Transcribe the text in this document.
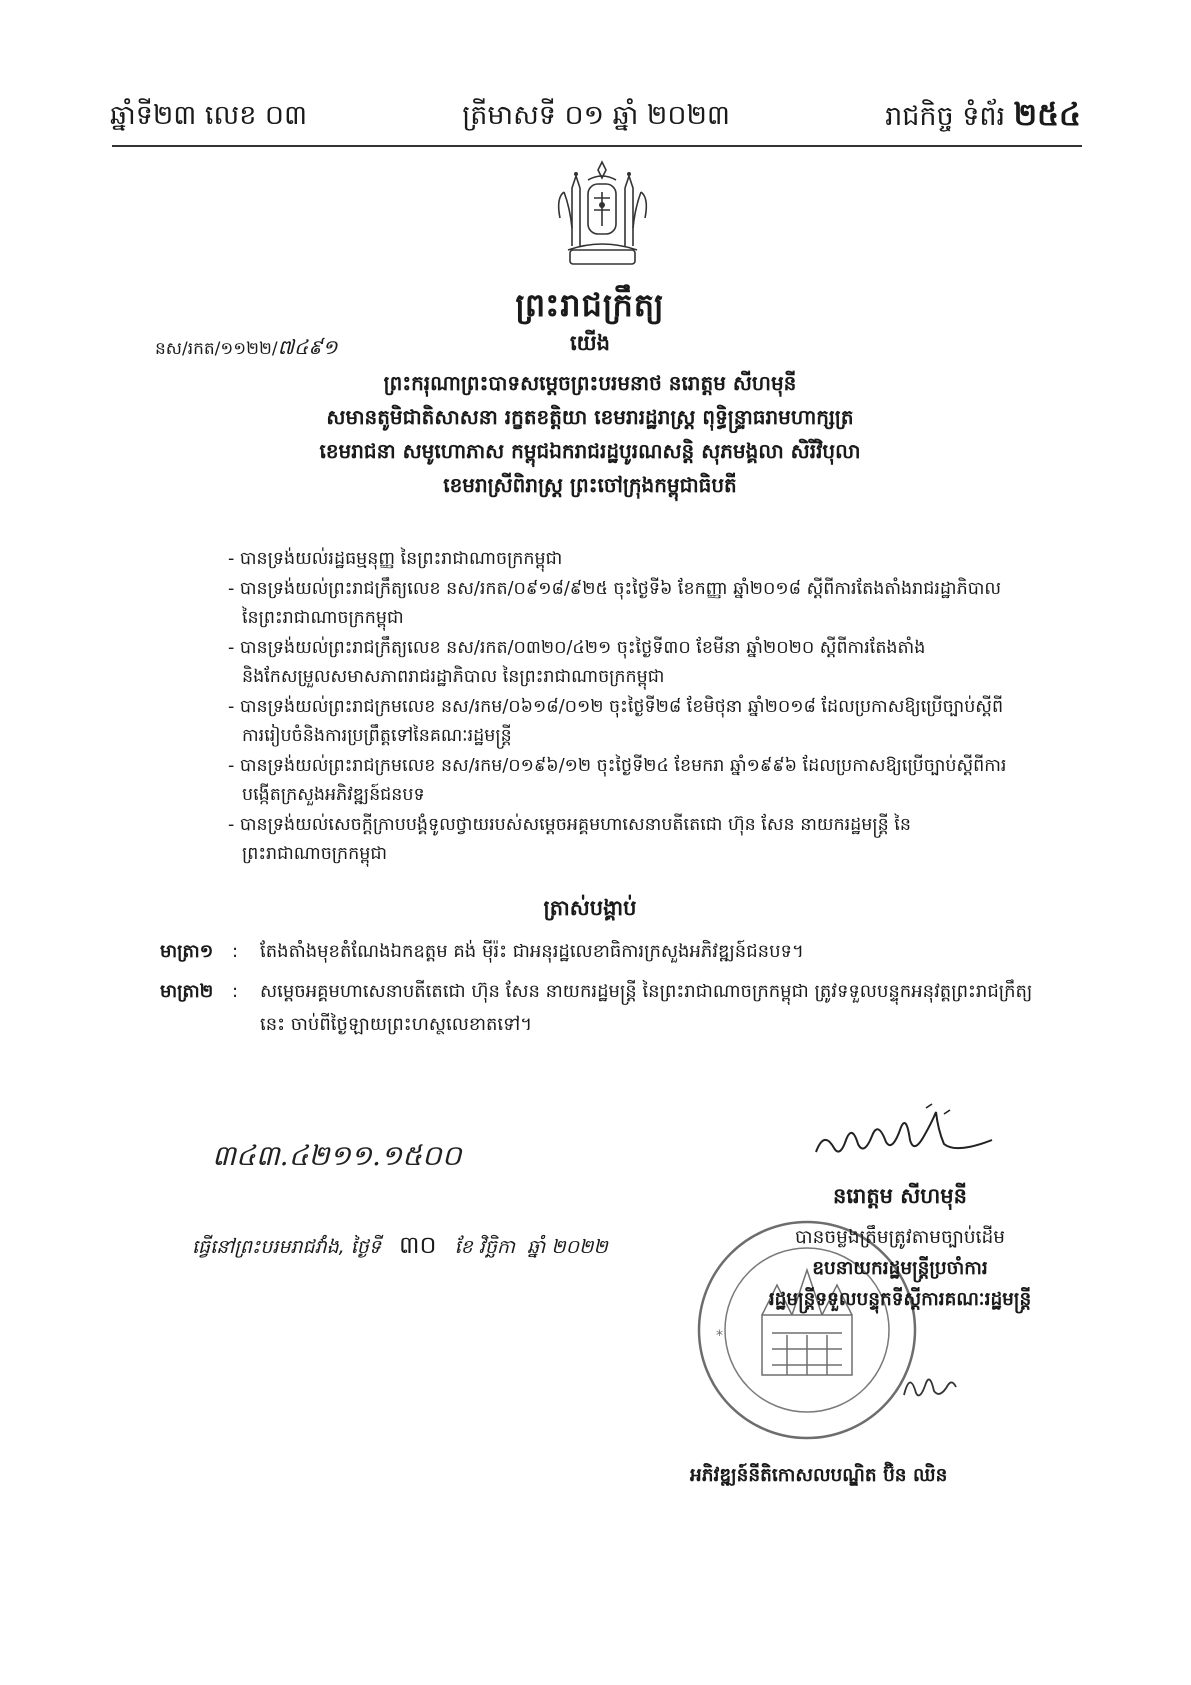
ឆ្នាំទី២៣ លេខ ០៣	ត្រីមាសទី ០១ ឆ្នាំ ២០២៣	រាជកិច្ច ទំព័រ ២៥៤
ព្រះរាជក្រឹត្យ
នស/រកត/១១២២/៧៤៩១	យើង
ព្រះករុណាព្រះបាទសម្ដេចព្រះបរមនាថ នរោត្តម សីហមុនី
សមានតូមិជាតិសាសនា រក្ខតខត្តិយា ខេមរារដ្ឋរាស្ត្រ ពុទ្ធិន្ទ្រាធរាមហាក្សត្រ
ខេមរាជនា សមូហោភាស កម្ពុជឯករាជរដ្ឋបូរណសន្តិ សុភមង្គលា សិរីវិបុលា
ខេមរាស្រីពិរាស្ត្រ ព្រះចៅក្រុងកម្ពុជាធិបតី
- បានទ្រង់យល់រដ្ឋធម្មនុញ្ញ នៃព្រះរាជាណាចក្រកម្ពុជា
- បានទ្រង់យល់ព្រះរាជក្រឹត្យលេខ នស/រកត/០៩១៨/៩២៥ ចុះថ្ងៃទី៦ ខែកញ្ញា ឆ្នាំ២០១៨ ស្ដីពីការតែងតាំងរាជរដ្ឋាភិបាល នៃព្រះរាជាណាចក្រកម្ពុជា
- បានទ្រង់យល់ព្រះរាជក្រឹត្យលេខ នស/រកត/០៣២០/៤២១ ចុះថ្ងៃទី៣០ ខែមីនា ឆ្នាំ២០២០ ស្ដីពីការតែងតាំង និងកែសម្រួលសមាសភាពរាជរដ្ឋាភិបាល នៃព្រះរាជាណាចក្រកម្ពុជា
- បានទ្រង់យល់ព្រះរាជក្រមលេខ នស/រកម/០៦១៨/០១២ ចុះថ្ងៃទី២៨ ខែមិថុនា ឆ្នាំ២០១៨ ដែលប្រកាសឱ្យប្រើច្បាប់ស្ដីពីការរៀបចំនិងការប្រព្រឹត្តទៅនៃគណៈរដ្ឋមន្ត្រី
- បានទ្រង់យល់ព្រះរាជក្រមលេខ នស/រកម/០១៩៦/១២ ចុះថ្ងៃទី២៤ ខែមករា ឆ្នាំ១៩៩៦ ដែលប្រកាសឱ្យប្រើច្បាប់ស្ដីពីការបង្កើតក្រសួងអភិវឌ្ឍន៍ជនបទ
- បានទ្រង់យល់សេចក្ដីក្រាបបង្គំទូលថ្វាយរបស់សម្ដេចអគ្គមហាសេនាបតីតេជោ ហ៊ុន សែន នាយករដ្ឋមន្ត្រី នៃព្រះរាជាណាចក្រកម្ពុជា
ត្រាស់បង្គាប់
មាត្រា១	:	តែងតាំងមុខតំណែងឯកឧត្តម គង់ ម៉ីរ៉ះ ជាអនុរដ្ឋលេខាធិការក្រសួងអភិវឌ្ឍន៍ជនបទ។
មាត្រា២	:	សម្ដេចអគ្គមហាសេនាបតីតេជោ ហ៊ុន សែន នាយករដ្ឋមន្ត្រី នៃព្រះរាជាណាចក្រកម្ពុជា ត្រូវទទួលបន្ទុកអនុវត្តព្រះរាជក្រឹត្យនេះ ចាប់ពីថ្ងៃឡាយព្រះហស្ថលេខាតទៅ។
៣៤៣.៤២១១.១៥០០
ធ្វើនៅព្រះបរមរាជវាំង, ថ្ងៃទី ៣០ ខែ វិច្ឆិកា ឆ្នាំ ២០២២
នរោត្តម សីហមុនី
*
បានចម្លងត្រឹមត្រូវតាមច្បាប់ដើម
ឧបនាយករដ្ឋមន្ត្រីប្រចាំការ
រដ្ឋមន្ត្រីទទួលបន្ទុកទីស្ដីការគណៈរដ្ឋមន្ត្រី
អភិវឌ្ឍន៍នីតិកោសលបណ្ឌិត ប៊ិន ឈិន
